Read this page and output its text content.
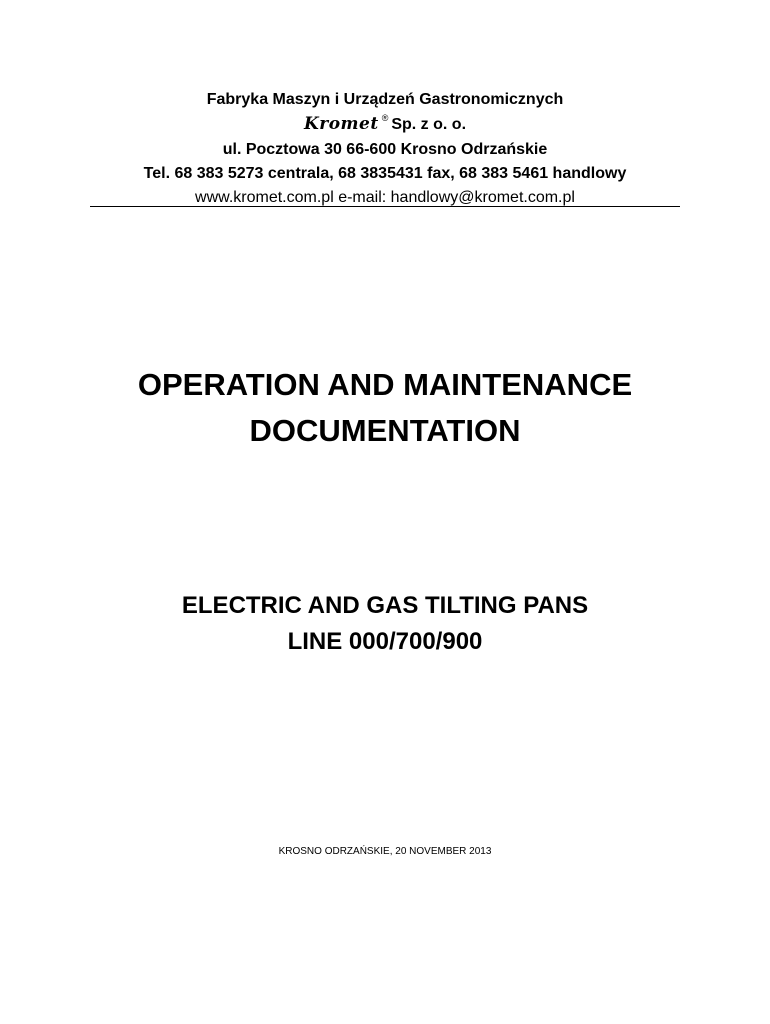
Fabryka Maszyn i Urządzeń Gastronomicznych
Kromet ® Sp. z o. o.
ul. Pocztowa 30 66-600 Krosno Odrzańskie
Tel. 68 383 5273 centrala, 68 3835431 fax, 68 383 5461 handlowy
www.kromet.com.pl e-mail: handlowy@kromet.com.pl
OPERATION AND MAINTENANCE
DOCUMENTATION
ELECTRIC AND GAS TILTING PANS
LINE 000/700/900
KROSNO ODRZAŃSKIE, 20 NOVEMBER 2013
